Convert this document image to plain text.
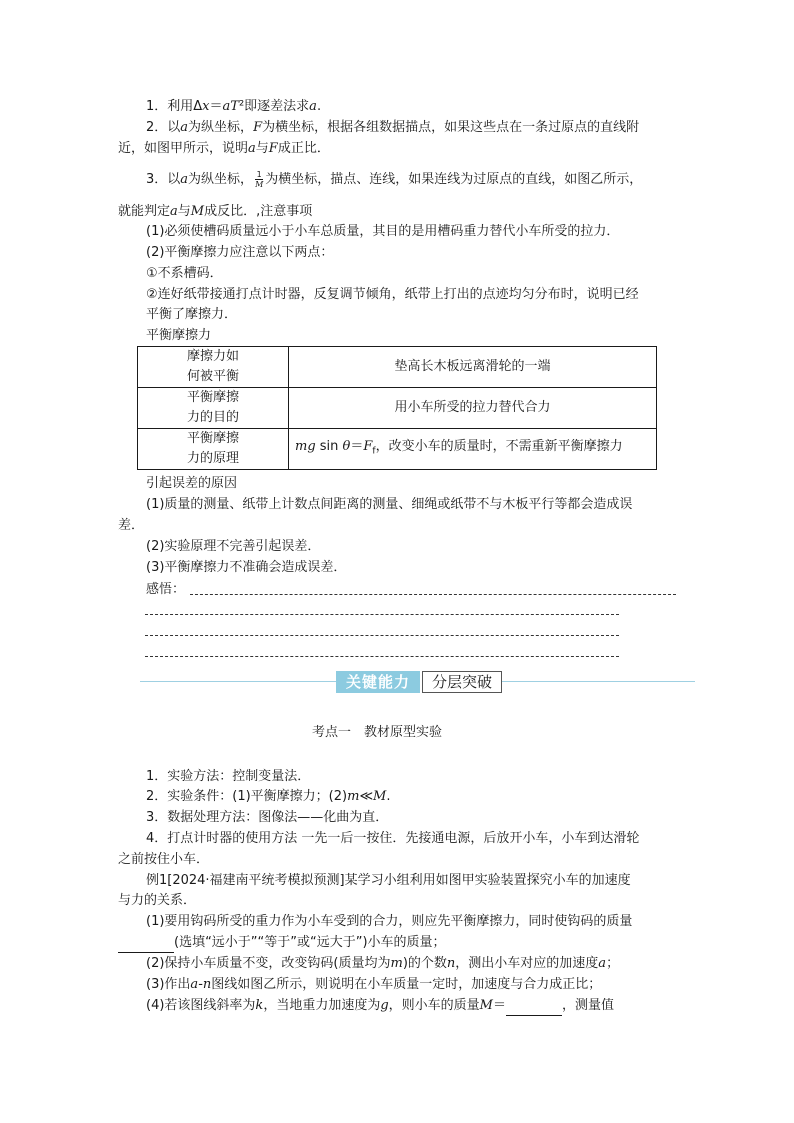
1．利用Δx＝aT²即逐差法求a.
2．以a为纵坐标，F为横坐标，根据各组数据描点，如果这些点在一条过原点的直线附
近，如图甲所示，说明a与F成正比．
3．以a为纵坐标， $\frac{1}{M}$ 为横坐标，描点、连线，如果连线为过原点的直线，如图乙所示，
就能判定a与M成反比．,注意事项
(1)必须使槽码质量远小于小车总质量，其目的是用槽码重力替代小车所受的拉力．
(2)平衡摩擦力应注意以下两点：
①不系槽码．
②连好纸带接通打点计时器，反复调节倾角，纸带上打出的点迹均匀分布时，说明已经
平衡了摩擦力．
平衡摩擦力
摩擦力如
何被平衡	垫高长木板远离滑轮的一端
平衡摩擦
力的目的	用小车所受的拉力替代合力
平衡摩擦
力的原理	mg $\sin \theta=F_f$，改变小车的质量时，不需重新平衡摩擦力
引起误差的原因
(1)质量的测量、纸带上计数点间距离的测量、细绳或纸带不与木板平行等都会造成误
差．
(2)实验原理不完善引起误差．
(3)平衡摩擦力不准确会造成误差．
感悟：
关键能力	分层突破
考点一　教材原型实验
1．实验方法：控制变量法．
2．实验条件：(1)平衡摩擦力；(2)m≪M.
3．数据处理方法：图像法——化曲为直．
4．打点计时器的使用方法 一先一后一按住．先接通电源，后放开小车，小车到达滑轮
之前按住小车．
例1[2024·福建南平统考模拟预测]某学习小组利用如图甲实验装置探究小车的加速度
与力的关系．
(1)要用钩码所受的重力作为小车受到的合力，则应先平衡摩擦力，同时使钩码的质量
(选填“远小于”“等于”或“远大于”)小车的质量；
(2)保持小车质量不变，改变钩码(质量均为m)的个数n，测出小车对应的加速度a；
(3)作出a-n图线如图乙所示，则说明在小车质量一定时，加速度与合力成正比；
(4)若该图线斜率为k，当地重力加速度为g，则小车的质量M＝	，测量值
